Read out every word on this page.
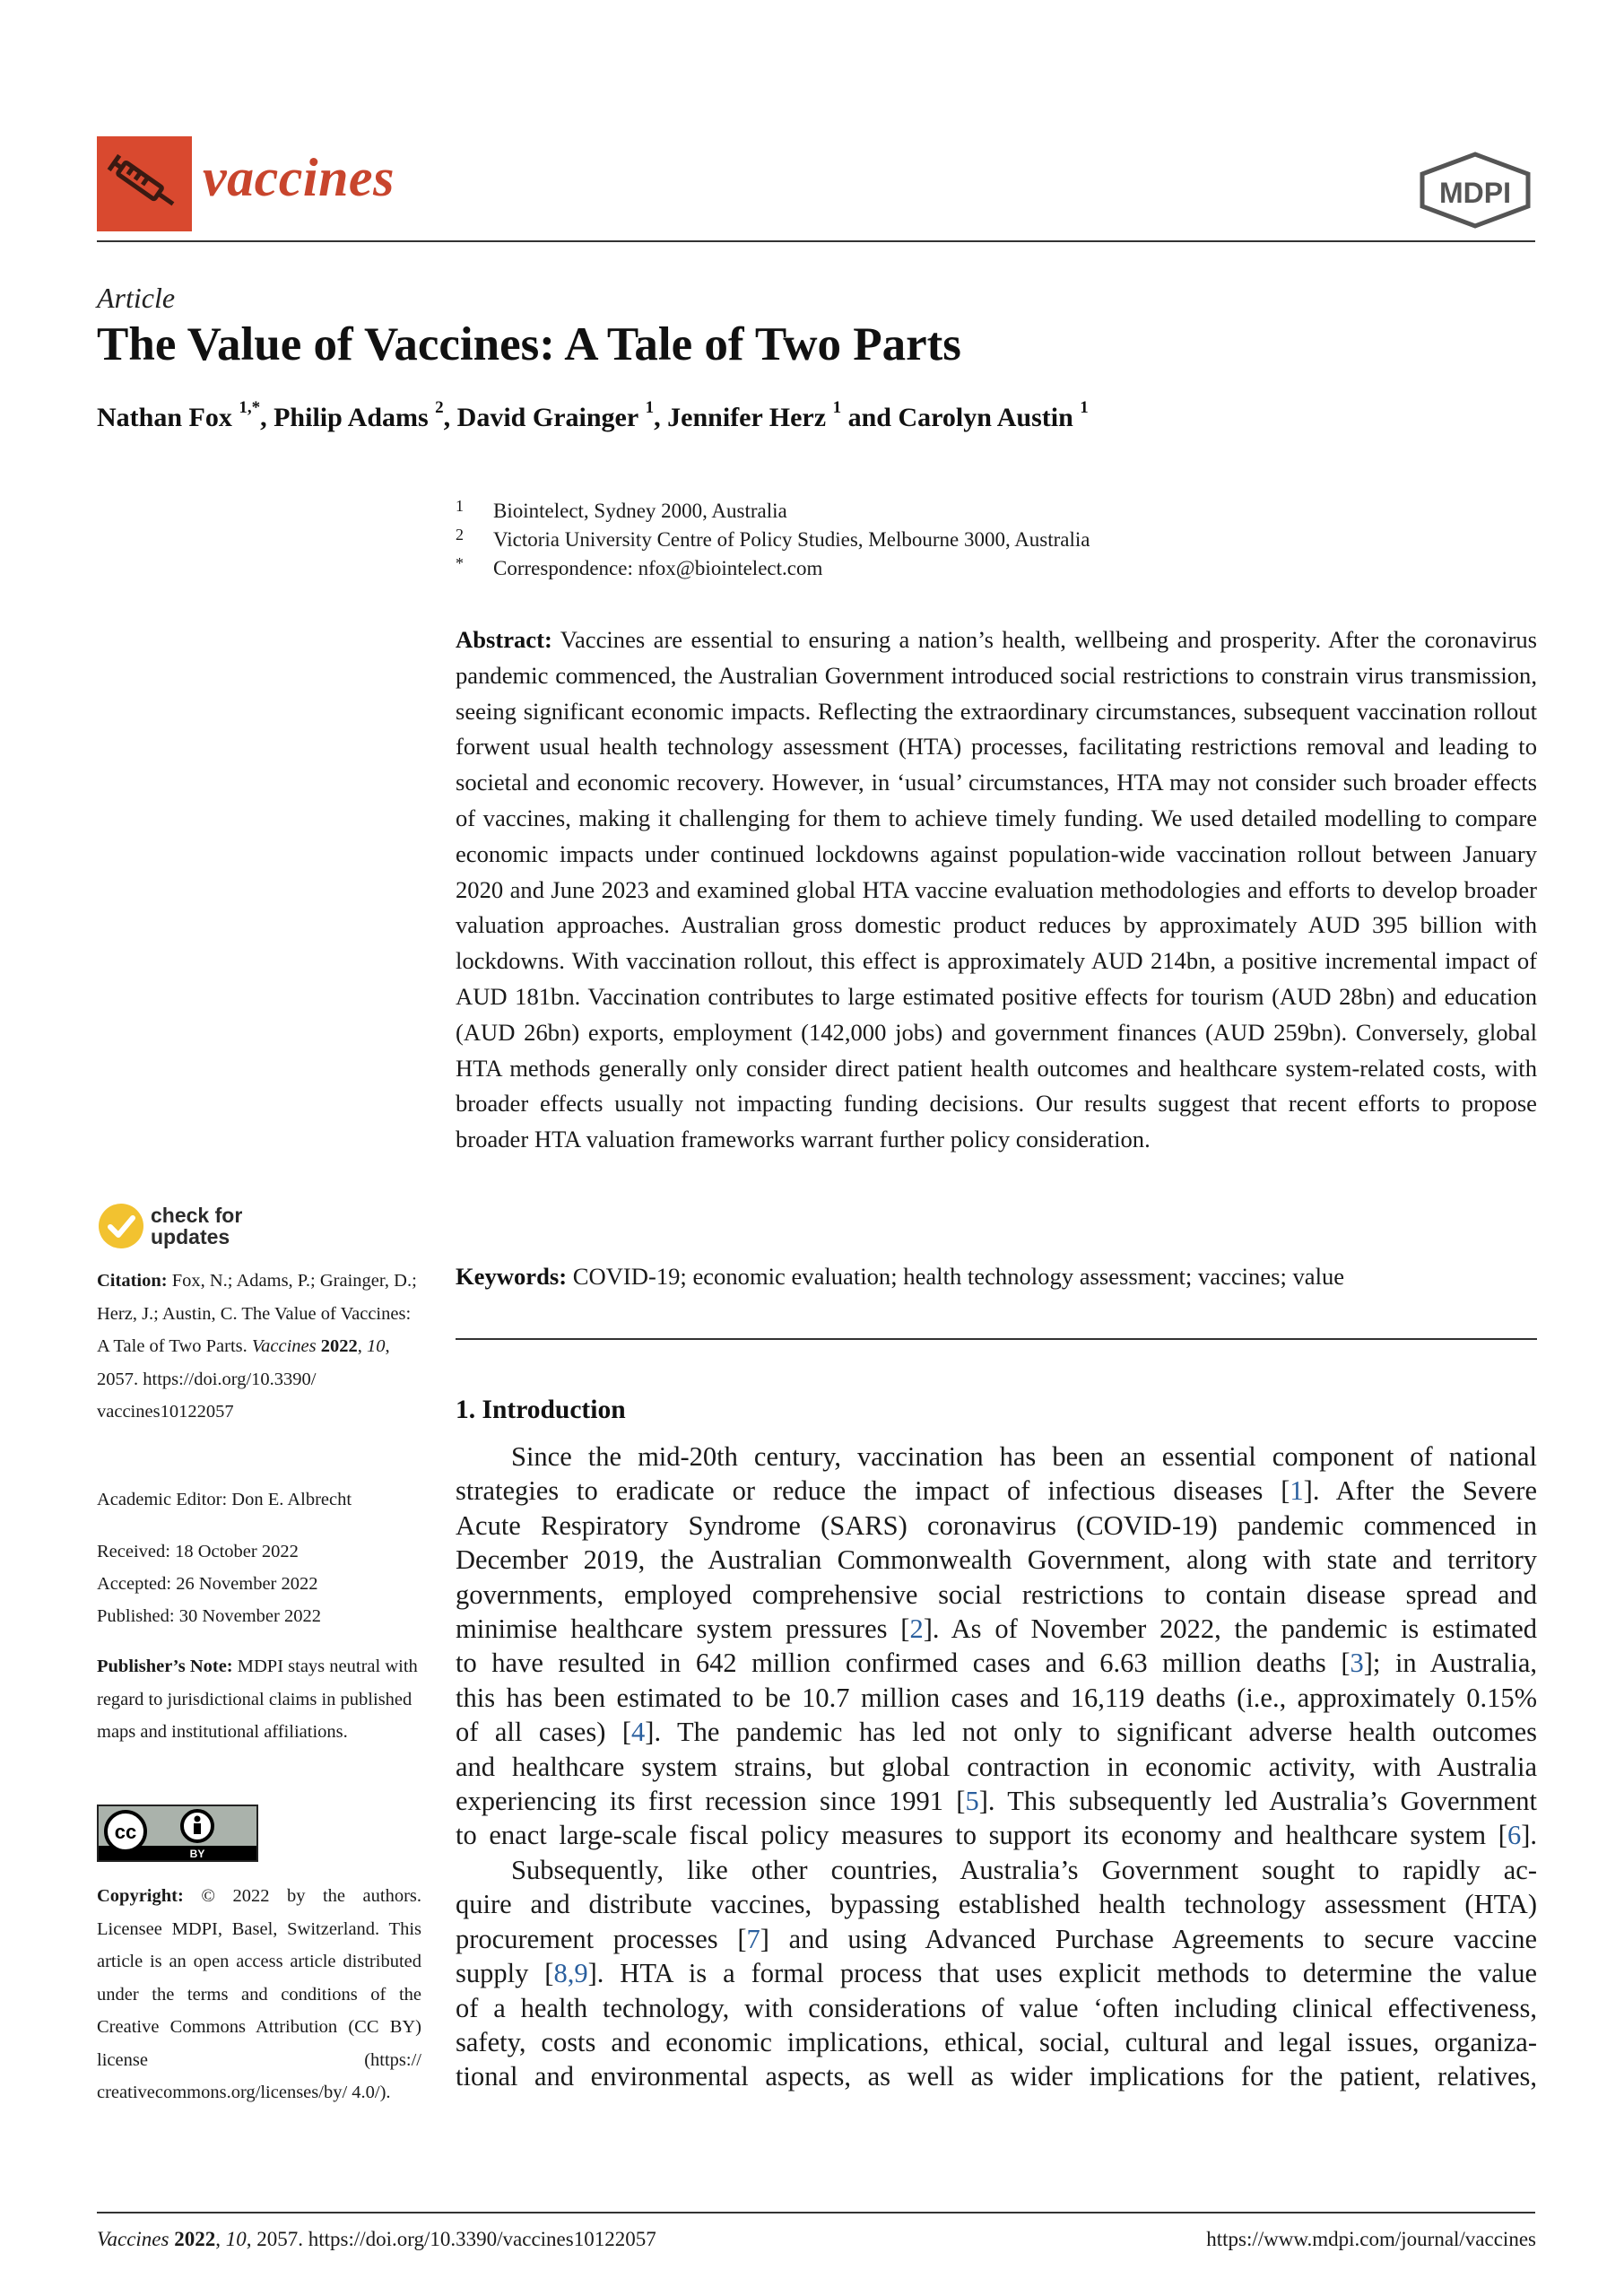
vaccines	MDPI
Article
The Value of Vaccines: A Tale of Two Parts
Nathan Fox $^{1,*}$, Philip Adams $^2$, David Grainger $^1$, Jennifer Herz $^1$ and Carolyn Austin $^1$
1 Biointelect, Sydney 2000, Australia
2 Victoria University Centre of Policy Studies, Melbourne 3000, Australia
* Correspondence: nfox@biointelect.com
Abstract: Vaccines are essential to ensuring a nation’s health, wellbeing and prosperity. After the coronavirus pandemic commenced, the Australian Government introduced social restrictions to constrain virus transmission, seeing significant economic impacts. Reflecting the extraordinary circumstances, subsequent vaccination rollout forwent usual health technology assessment (HTA) processes, facilitating restrictions removal and leading to societal and economic recovery. However, in ‘usual’ circumstances, HTA may not consider such broader effects of vaccines, making it challenging for them to achieve timely funding. We used detailed modelling to compare economic impacts under continued lockdowns against population-wide vaccination rollout between January 2020 and June 2023 and examined global HTA vaccine evaluation methodologies and efforts to develop broader valuation approaches. Australian gross domestic product reduces by approximately AUD 395 billion with lockdowns. With vaccination rollout, this effect is approximately AUD 214bn, a positive incremental impact of AUD 181bn. Vaccination contributes to large estimated positive effects for tourism (AUD 28bn) and education (AUD 26bn) exports, employment (142,000 jobs) and government finances (AUD 259bn). Conversely, global HTA methods generally only consider direct patient health outcomes and healthcare system-related costs, with broader effects usually not impacting funding decisions. Our results suggest that recent efforts to propose broader HTA valuation frameworks warrant further policy consideration.
Keywords: COVID-19; economic evaluation; health technology assessment; vaccines; value
1. Introduction
Since the mid-20th century, vaccination has been an essential component of national
strategies to eradicate or reduce the impact of infectious diseases [1]. After the Severe
Acute Respiratory Syndrome (SARS) coronavirus (COVID-19) pandemic commenced in
December 2019, the Australian Commonwealth Government, along with state and territory
governments, employed comprehensive social restrictions to contain disease spread and
minimise healthcare system pressures [2]. As of November 2022, the pandemic is estimated
to have resulted in 642 million confirmed cases and 6.63 million deaths [3]; in Australia,
this has been estimated to be 10.7 million cases and 16,119 deaths (i.e., approximately 0.15%
of all cases) [4]. The pandemic has led not only to significant adverse health outcomes
and healthcare system strains, but global contraction in economic activity, with Australia
experiencing its first recession since 1991 [5]. This subsequently led Australia’s Government
to enact large-scale fiscal policy measures to support its economy and healthcare system [6].
Subsequently, like other countries, Australia’s Government sought to rapidly ac-
quire and distribute vaccines, bypassing established health technology assessment (HTA)
procurement processes [7] and using Advanced Purchase Agreements to secure vaccine
supply [8,9]. HTA is a formal process that uses explicit methods to determine the value
of a health technology, with considerations of value ‘often including clinical effectiveness,
safety, costs and economic implications, ethical, social, cultural and legal issues, organiza-
tional and environmental aspects, as well as wider implications for the patient, relatives,
check for
updates
Citation: Fox, N.; Adams, P.; Grainger, D.; Herz, J.; Austin, C. The Value of Vaccines: A Tale of Two Parts. Vaccines 2022, 10, 2057. https://doi.org/10.3390/ vaccines10122057
Academic Editor: Don E. Albrecht
Received: 18 October 2022
Accepted: 26 November 2022
Published: 30 November 2022
Publisher’s Note: MDPI stays neutral with regard to jurisdictional claims in published maps and institutional affiliations.
cc
BY
Copyright: © 2022 by the authors. Licensee MDPI, Basel, Switzerland. This article is an open access article distributed under the terms and conditions of the Creative Commons Attribution (CC BY) license (https:// creativecommons.org/licenses/by/ 4.0/).
Vaccines 2022, 10, 2057. https://doi.org/10.3390/vaccines10122057	https://www.mdpi.com/journal/vaccines
